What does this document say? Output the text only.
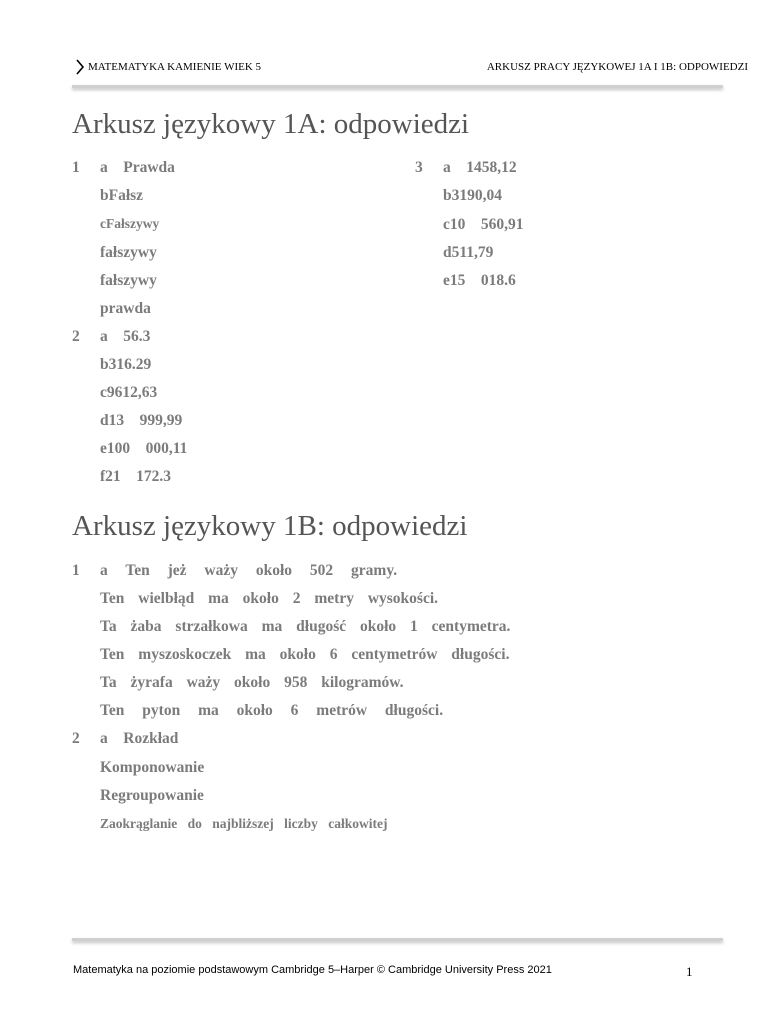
MATEMATYKA KAMIENIE WIEK 5	ARKUSZ PRACY JĘZYKOWEJ 1A I 1B: ODPOWIEDZI
Arkusz językowy 1A: odpowiedzi
1 a    Prawda
bFałsz
cFałszywy
fałszywy
fałszywy
prawda
2 a    56.3
b316.29
c9612,63
d13    999,99
e100    000,11
f21    172.3
3 a    1458,12
b3190,04
c10    560,91
d511,79
e15    018.6
Arkusz językowy 1B: odpowiedzi
1 a Ten jeż waży około 502 gramy.
Ten wielbłąd ma około 2 metry wysokości.
Ta żaba strzałkowa ma długość około 1 centymetra.
Ten myszoskoczek ma około 6 centymetrów długości.
Ta żyrafa waży około 958 kilogramów.
Ten pyton ma około 6 metrów długości.
2 a    Rozkład
Komponowanie
Regroupowanie
Zaokrąglanie do najbliższej liczby całkowitej
Matematyka na poziomie podstawowym Cambridge 5–Harper © Cambridge University Press 2021	1
